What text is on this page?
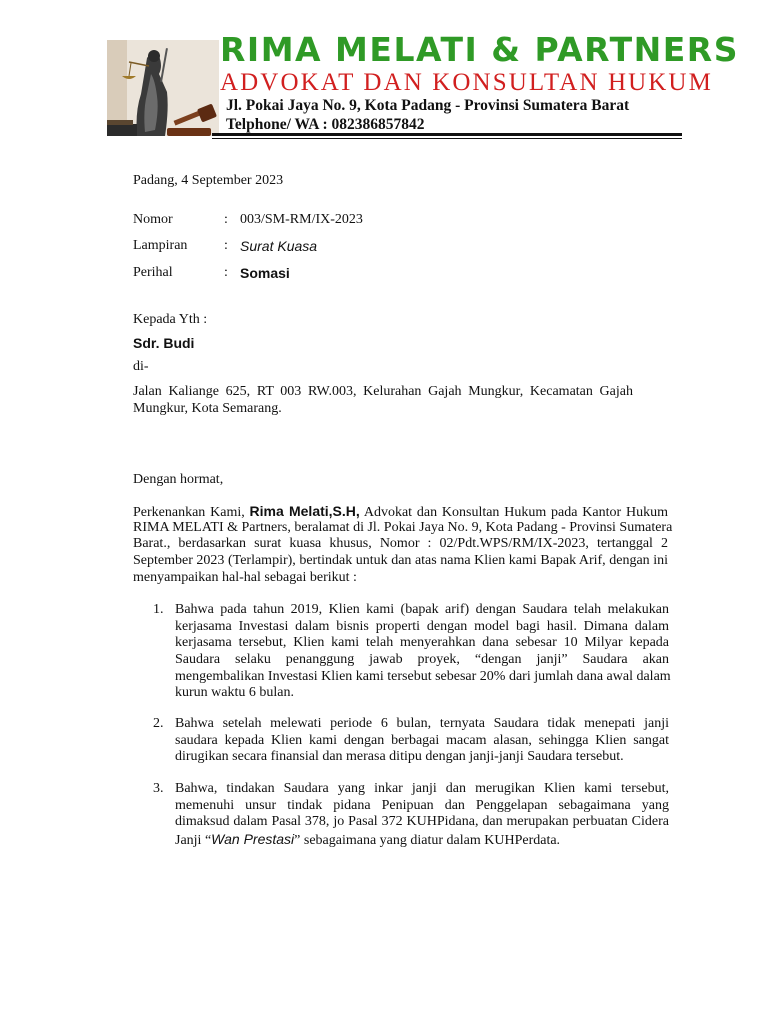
RIMA MELATI & PARTNERS
ADVOKAT DAN KONSULTAN HUKUM
Jl. Pokai Jaya No. 9, Kota Padang - Provinsi Sumatera Barat
Telphone/ WA : 082386857842
Padang, 4 September 2023
Nomor	: 003/SM-RM/IX-2023
Lampiran	: Surat Kuasa
Perihal	: Somasi
Kepada Yth :
Sdr. Budi
di-
Jalan Kaliange 625, RT 003 RW.003, Kelurahan Gajah Mungkur, Kecamatan Gajah
Mungkur, Kota Semarang.
Dengan hormat,
Perkenankan Kami, Rima Melati,S.H, Advokat dan Konsultan Hukum pada Kantor Hukum
RIMA MELATI & Partners, beralamat di Jl. Pokai Jaya No. 9, Kota Padang - Provinsi Sumatera
Barat., berdasarkan surat kuasa khusus, Nomor : 02/Pdt.WPS/RM/IX-2023, tertanggal 2
September 2023 (Terlampir), bertindak untuk dan atas nama Klien kami Bapak Arif, dengan ini
menyampaikan hal-hal sebagai berikut :
1. Bahwa pada tahun 2019, Klien kami (bapak arif) dengan Saudara telah melakukan
kerjasama Investasi dalam bisnis properti dengan model bagi hasil. Dimana dalam
kerjasama tersebut, Klien kami telah menyerahkan dana sebesar 10 Milyar kepada
Saudara selaku penanggung jawab proyek, “dengan janji” Saudara akan
mengembalikan Investasi Klien kami tersebut sebesar 20% dari jumlah dana awal dalam
kurun waktu 6 bulan.
2. Bahwa setelah melewati periode 6 bulan, ternyata Saudara tidak menepati janji
saudara kepada Klien kami dengan berbagai macam alasan, sehingga Klien sangat
dirugikan secara finansial dan merasa ditipu dengan janji-janji Saudara tersebut.
3. Bahwa, tindakan Saudara yang inkar janji dan merugikan Klien kami tersebut,
memenuhi unsur tindak pidana Penipuan dan Penggelapan sebagaimana yang
dimaksud dalam Pasal 378, jo Pasal 372 KUHPidana, dan merupakan perbuatan Cidera
Janji “Wan Prestasi” sebagaimana yang diatur dalam KUHPerdata.
